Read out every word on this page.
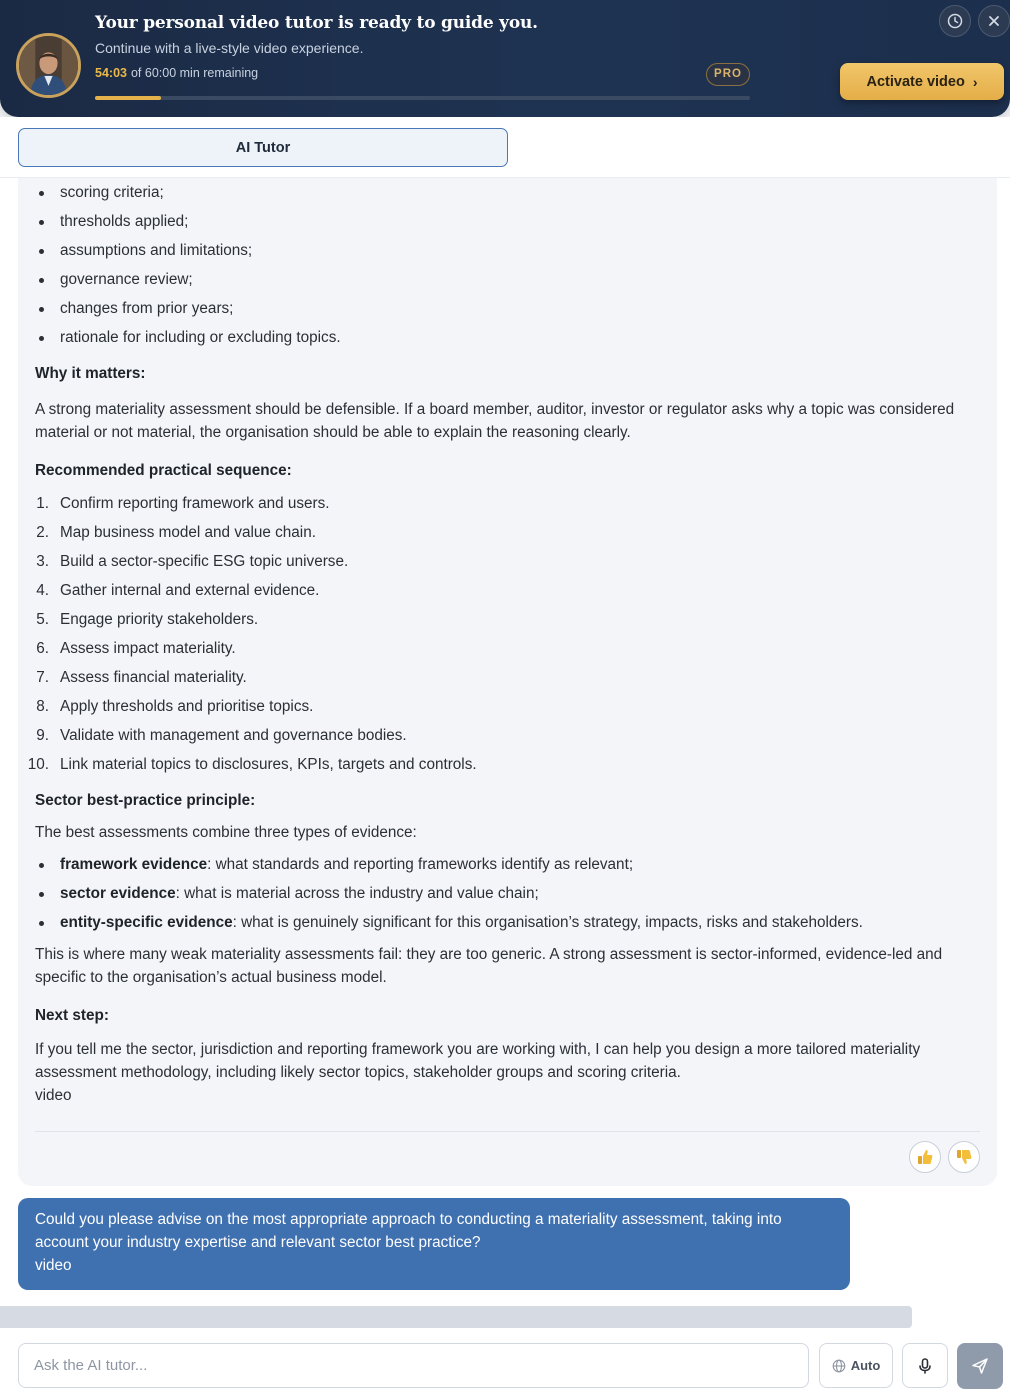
Your personal video tutor is ready to guide you.
Continue with a live-style video experience.
54:03 of 60:00 min remaining	PRO	Activate video ›
AI Tutor
scoring criteria;
thresholds applied;
assumptions and limitations;
governance review;
changes from prior years;
rationale for including or excluding topics.
Why it matters:
A strong materiality assessment should be defensible. If a board member, auditor, investor or regulator asks why a topic was considered material or not material, the organisation should be able to explain the reasoning clearly.
Recommended practical sequence:
1. Confirm reporting framework and users.
2. Map business model and value chain.
3. Build a sector-specific ESG topic universe.
4. Gather internal and external evidence.
5. Engage priority stakeholders.
6. Assess impact materiality.
7. Assess financial materiality.
8. Apply thresholds and prioritise topics.
9. Validate with management and governance bodies.
10. Link material topics to disclosures, KPIs, targets and controls.
Sector best-practice principle:
The best assessments combine three types of evidence:
framework evidence: what standards and reporting frameworks identify as relevant;
sector evidence: what is material across the industry and value chain;
entity-specific evidence: what is genuinely significant for this organisation’s strategy, impacts, risks and stakeholders.
This is where many weak materiality assessments fail: they are too generic. A strong assessment is sector-informed, evidence-led and specific to the organisation’s actual business model.
Next step:
If you tell me the sector, jurisdiction and reporting framework you are working with, I can help you design a more tailored materiality assessment methodology, including likely sector topics, stakeholder groups and scoring criteria.
video
Could you please advise on the most appropriate approach to conducting a materiality assessment, taking into account your industry expertise and relevant sector best practice?
video
Ask the AI tutor...
Auto
